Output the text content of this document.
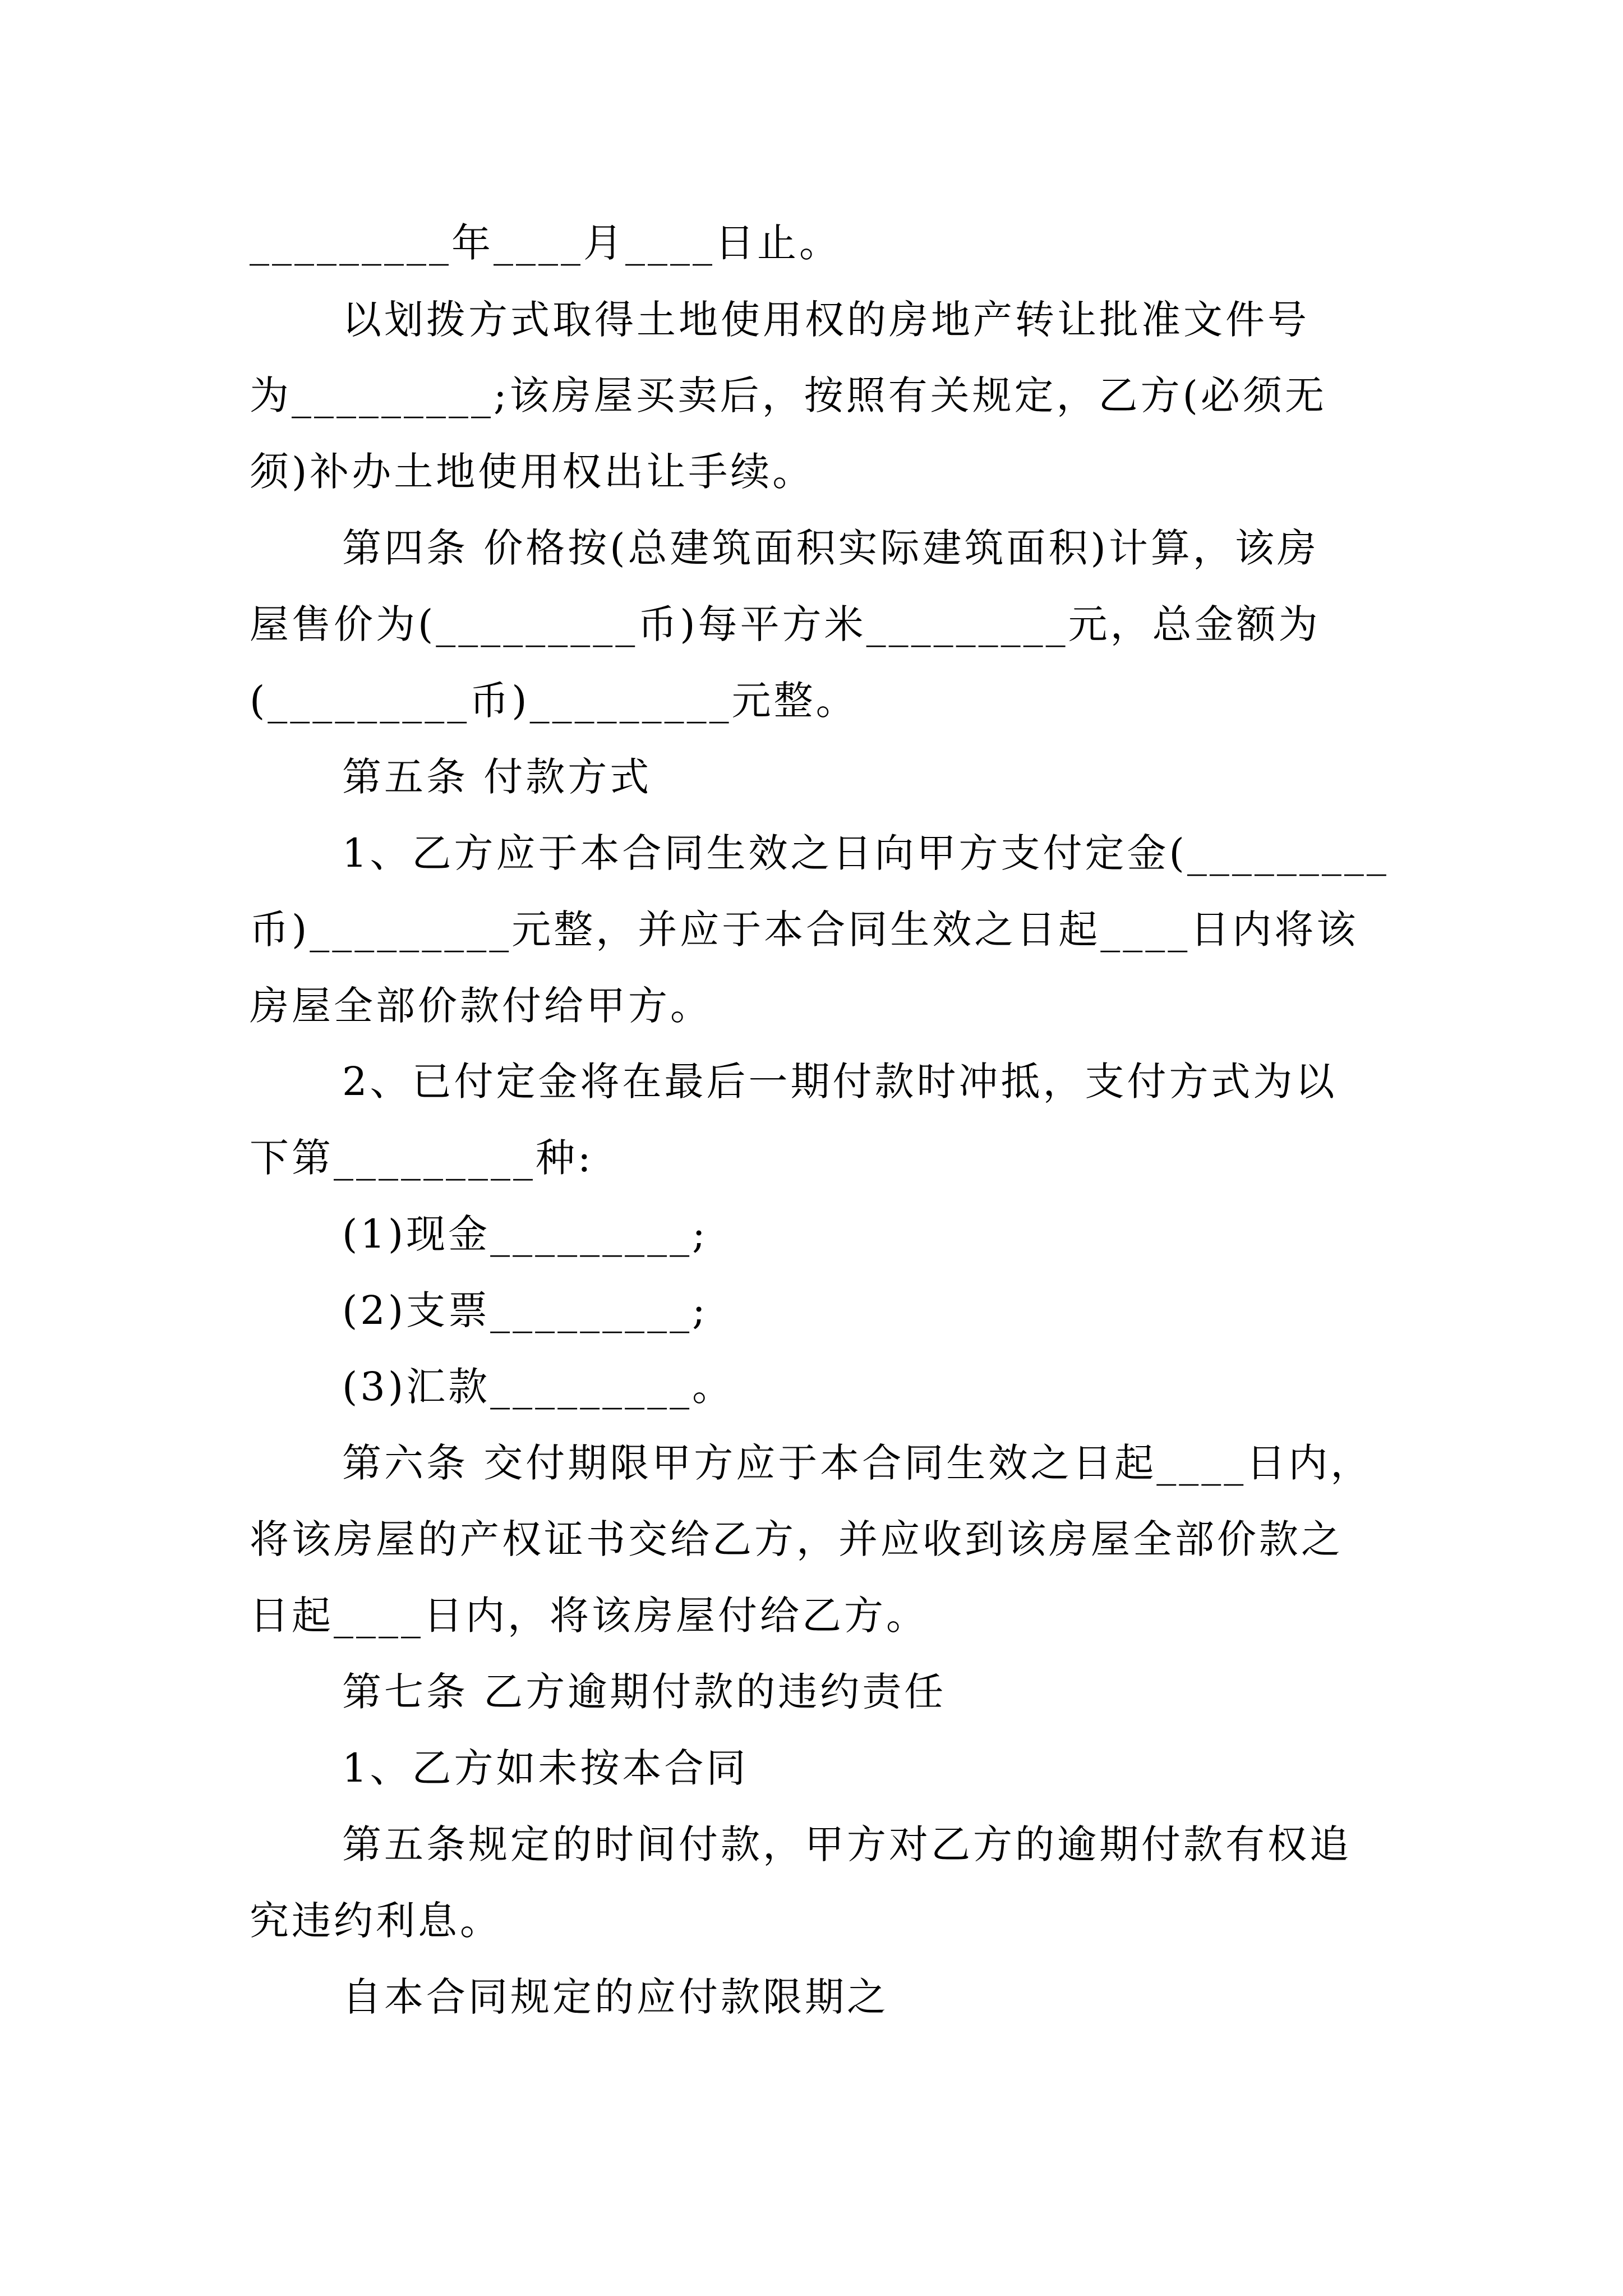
_________年____月____日止。

以划拨方式取得土地使用权的房地产转让批准文件号

为_________;该房屋买卖后，按照有关规定，乙方(必须无

须)补办土地使用权出让手续。

第四条 价格按(总建筑面积实际建筑面积)计算，该房

屋售价为(_________币)每平方米_________元，总金额为

(_________币)_________元整。

第五条 付款方式

1、乙方应于本合同生效之日向甲方支付定金(_________

币)_________元整，并应于本合同生效之日起____日内将该

房屋全部价款付给甲方。

2、已付定金将在最后一期付款时冲抵，支付方式为以

下第_________种:

(1)现金_________;

(2)支票_________;

(3)汇款_________。

第六条 交付期限甲方应于本合同生效之日起____日内，

将该房屋的产权证书交给乙方，并应收到该房屋全部价款之

日起____日内，将该房屋付给乙方。

第七条 乙方逾期付款的违约责任

1、乙方如未按本合同

第五条规定的时间付款，甲方对乙方的逾期付款有权追

究违约利息。

自本合同规定的应付款限期之
